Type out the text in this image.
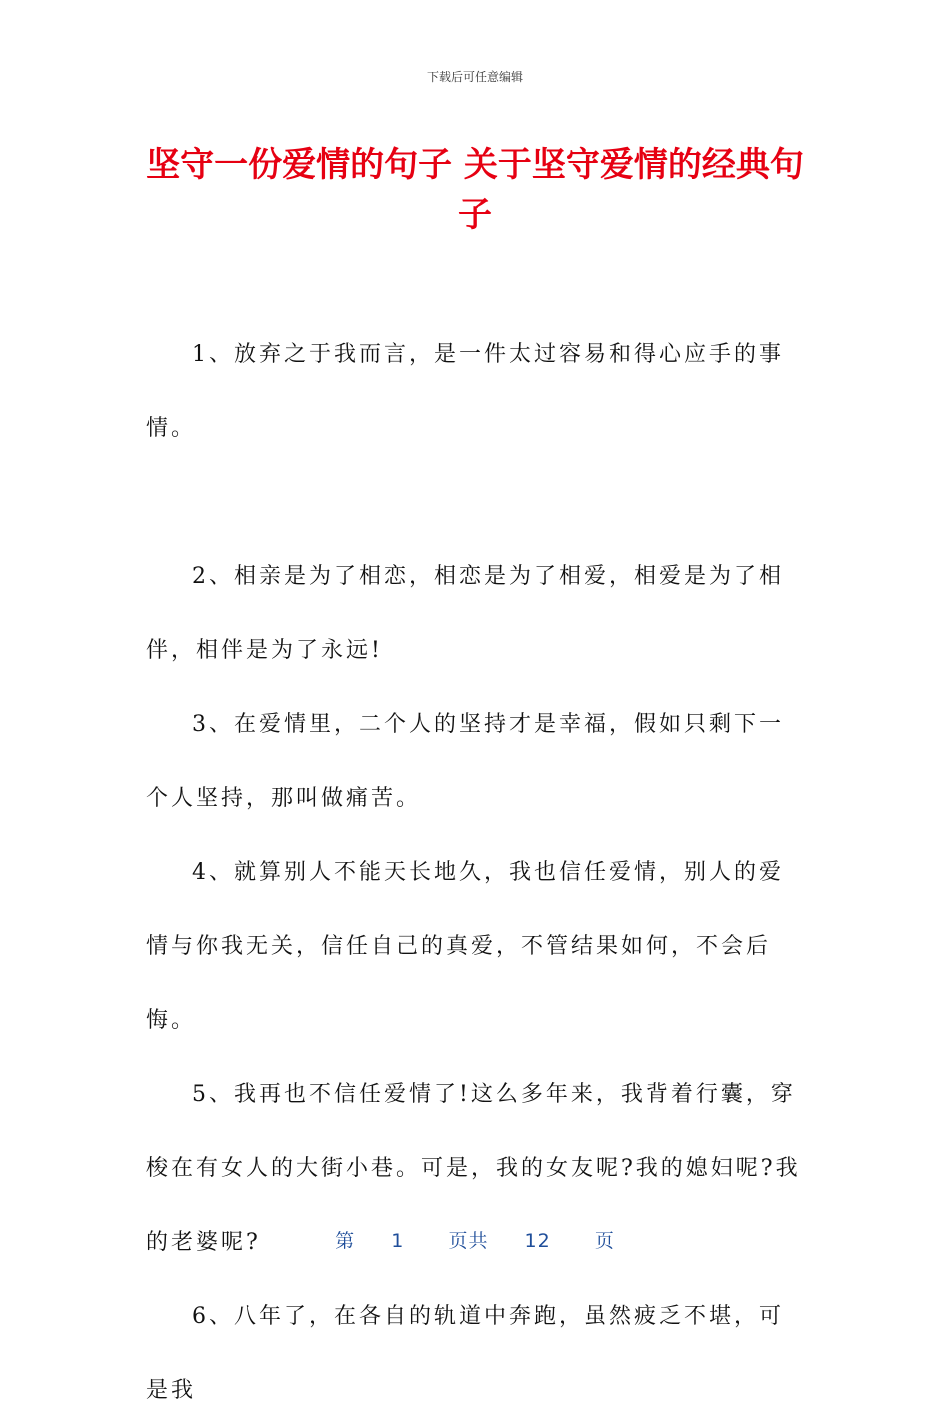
下载后可任意编辑
坚守一份爱情的句子 关于坚守爱情的经典句子

1、放弃之于我而言，是一件太过容易和得心应手的事情。

2、相亲是为了相恋，相恋是为了相爱，相爱是为了相伴，相伴是为了永远!

3、在爱情里，二个人的坚持才是幸福，假如只剩下一个人坚持，那叫做痛苦。

4、就算别人不能天长地久，我也信任爱情，别人的爱情与你我无关，信任自己的真爱，不管结果如何，不会后悔。

5、我再也不信任爱情了!这么多年来，我背着行囊，穿梭在有女人的大街小巷。可是，我的女友呢?我的媳妇呢?我的老婆呢?

6、八年了，在各自的轨道中奔跑，虽然疲乏不堪，可是我

第 1 页共 12 页
